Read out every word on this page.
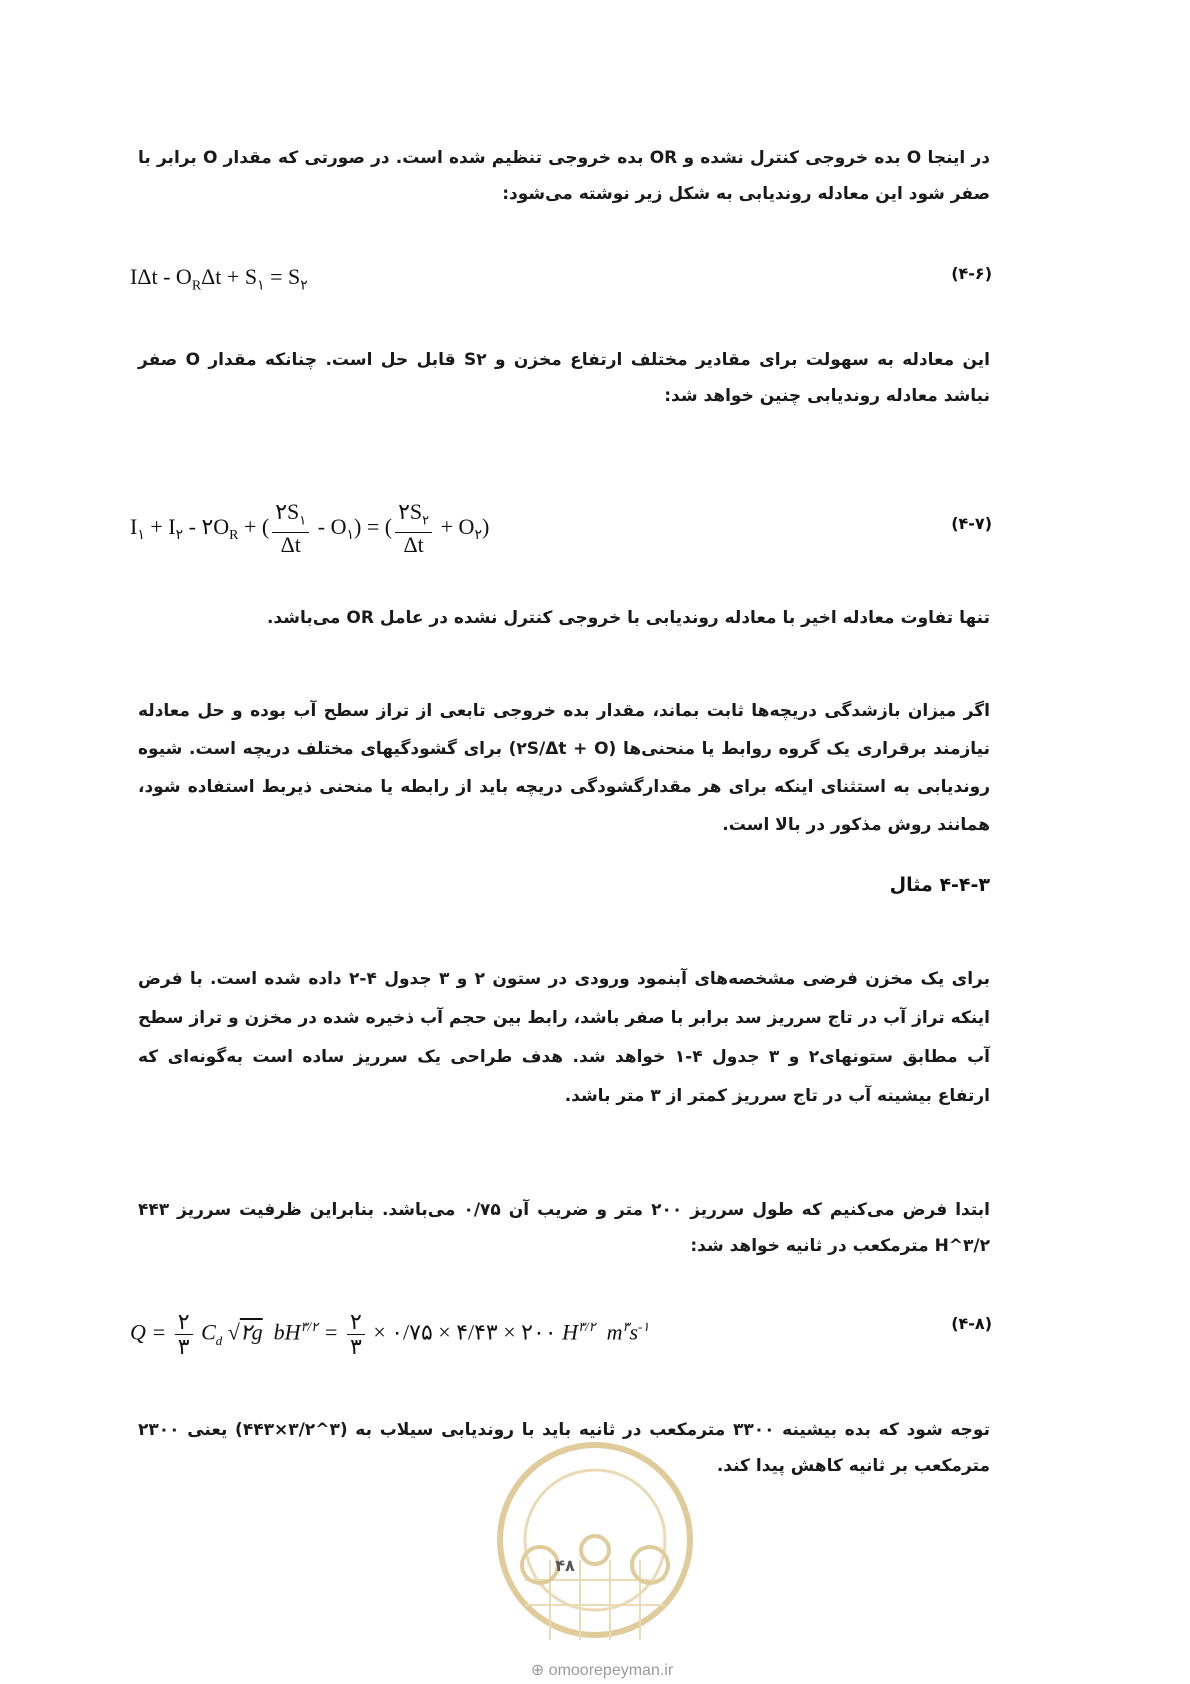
در اینجا O بده خروجی کنترل نشده و OR بده خروجی تنظیم شده است. در صورتی که مقدار O برابر با صفر شود این معادله روندیابی به شکل زیر نوشته می‌شود:
$I\Delta t - O_R\Delta t + S_۱ = S_۲$
(۴-۶)
این معادله به سهولت برای مقادیر مختلف ارتفاع مخزن و S۲ قابل حل است. چنانکه مقدار O صفر نباشد معادله روندیابی چنین خواهد شد:
$I_۱ + I_۲$ - $۲O_R$ + ( $\frac{۲S_۱}{\Delta t} - O_۱$) = ( $\frac{۲S_۲}{\Delta t} + O_۲$)	(۴-۷)
تنها تفاوت معادله اخیر با معادله روندیابی با خروجی کنترل نشده در عامل OR می‌باشد.
اگر میزان بازشدگی دریچه‌ها ثابت بماند، مقدار بده خروجی تابعی از تراز سطح آب بوده و حل معادله نیازمند برقراری یک گروه روابط یا منحنی‌ها (۲S/Δt + O) برای گشودگیهای مختلف دریچه است. شیوه روندیابی به استثنای اینکه برای هر مقدارگشودگی دریچه باید از رابطه یا منحنی ذیربط استفاده شود، همانند روش مذکور در بالا است.
۴-۴-۳ مثال
برای یک مخزن فرضی مشخصه‌های آبنمود ورودی در ستون ۲ و ۳ جدول ۴-۲ داده شده است. با فرض اینکه تراز آب در تاج سرریز سد برابر با صفر باشد، رابط بین حجم آب ذخیره شده در مخزن و تراز سطح آب مطابق ستونهای۲ و ۳ جدول ۴-۱ خواهد شد. هدف طراحی یک سرریز ساده است به‌گونه‌ای که ارتفاع بیشینه آب در تاج سرریز کمتر از ۳ متر باشد.
ابتدا فرض می‌کنیم که طول سرریز ۲۰۰ متر و ضریب آن ۰/۷۵ می‌باشد. بنابراین ظرفیت سرریز ۴۴۳ H^۳/۲ مترمکعب در ثانیه خواهد شد:
$Q = \frac{۲}{۳} C_d$ √۲g  $bH^{۳/۲} = \frac{۲}{۳}$ × ۰/۷۵ × ۴/۴۳ × ۲۰۰ $H^{۳/۲}$  $m^۳s^{-۱}$	(۴-۸)
توجه شود که بده بیشینه ۳۳۰۰ مترمکعب در ثانیه باید با روندیابی سیلاب به (۳^۳/۲×۴۴۳) یعنی ۲۳۰۰ مترمکعب بر ثانیه کاهش پیدا کند.
۴۸
⊕ omoorepeyman.ir
